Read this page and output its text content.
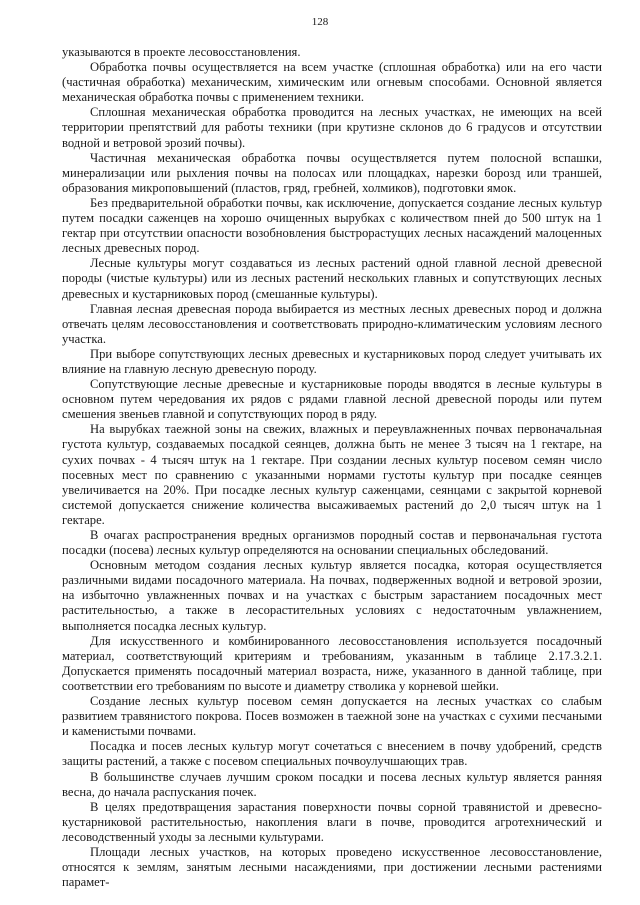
128

указываются в проекте лесовосстановления.

Обработка почвы осуществляется на всем участке (сплошная обработка) или на его части (частичная обработка) механическим, химическим или огневым способами. Основной является механическая обработка почвы с применением техники.

Сплошная механическая обработка проводится на лесных участках, не имеющих на всей территории препятствий для работы техники (при крутизне склонов до 6 градусов и отсутствии водной и ветровой эрозий почвы).

Частичная механическая обработка почвы осуществляется путем полосной вспашки, минерализации или рыхления почвы на полосах или площадках, нарезки борозд или траншей, образования микроповышений (пластов, гряд, гребней, холмиков), подготовки ямок.

Без предварительной обработки почвы, как исключение, допускается создание лесных культур путем посадки саженцев на хорошо очищенных вырубках с количеством пней до 500 штук на 1 гектар при отсутствии опасности возобновления быстрорастущих лесных насаждений малоценных лесных древесных пород.

Лесные культуры могут создаваться из лесных растений одной главной лесной древесной породы (чистые культуры) или из лесных растений нескольких главных и сопутствующих лесных древесных и кустарниковых пород (смешанные культуры).

Главная лесная древесная порода выбирается из местных лесных древесных пород и должна отвечать целям лесовосстановления и соответствовать природно-климатическим условиям лесного участка.

При выборе сопутствующих лесных древесных и кустарниковых пород следует учитывать их влияние на главную лесную древесную породу.

Сопутствующие лесные древесные и кустарниковые породы вводятся в лесные культуры в основном путем чередования их рядов с рядами главной лесной древесной породы или путем смешения звеньев главной и сопутствующих пород в ряду.

На вырубках таежной зоны на свежих, влажных и переувлажненных почвах первоначальная густота культур, создаваемых посадкой сеянцев, должна быть не менее 3 тысяч на 1 гектаре, на сухих почвах - 4 тысяч штук на 1 гектаре. При создании лесных культур посевом семян число посевных мест по сравнению с указанными нормами густоты культур при посадке сеянцев увеличивается на 20%. При посадке лесных культур саженцами, сеянцами с закрытой корневой системой допускается снижение количества высаживаемых растений до 2,0 тысяч штук на 1 гектаре.

В очагах распространения вредных организмов породный состав и первоначальная густота посадки (посева) лесных культур определяются на основании специальных обследований.

Основным методом создания лесных культур является посадка, которая осуществляется различными видами посадочного материала. На почвах, подверженных водной и ветровой эрозии, на избыточно увлажненных почвах и на участках с быстрым зарастанием посадочных мест растительностью, а также в лесорастительных условиях с недостаточным увлажнением, выполняется посадка лесных культур.

Для искусственного и комбинированного лесовосстановления используется посадочный материал, соответствующий критериям и требованиям, указанным в таблице 2.17.3.2.1. Допускается применять посадочный материал возраста, ниже, указанного в данной таблице, при соответствии его требованиям по высоте и диаметру стволика у корневой шейки.

Создание лесных культур посевом семян допускается на лесных участках со слабым развитием травянистого покрова. Посев возможен в таежной зоне на участках с сухими песчаными и каменистыми почвами.

Посадка и посев лесных культур могут сочетаться с внесением в почву удобрений, средств защиты растений, а также с посевом специальных почвоулучшающих трав.

В большинстве случаев лучшим сроком посадки и посева лесных культур является ранняя весна, до начала распускания почек.

В целях предотвращения зарастания поверхности почвы сорной травянистой и древесно-кустарниковой растительностью, накопления влаги в почве, проводится агротехнический и лесоводственный уходы за лесными культурами.

Площади лесных участков, на которых проведено искусственное лесовосстановление, относятся к землям, занятым лесными насаждениями, при достижении лесными растениями парамет-
